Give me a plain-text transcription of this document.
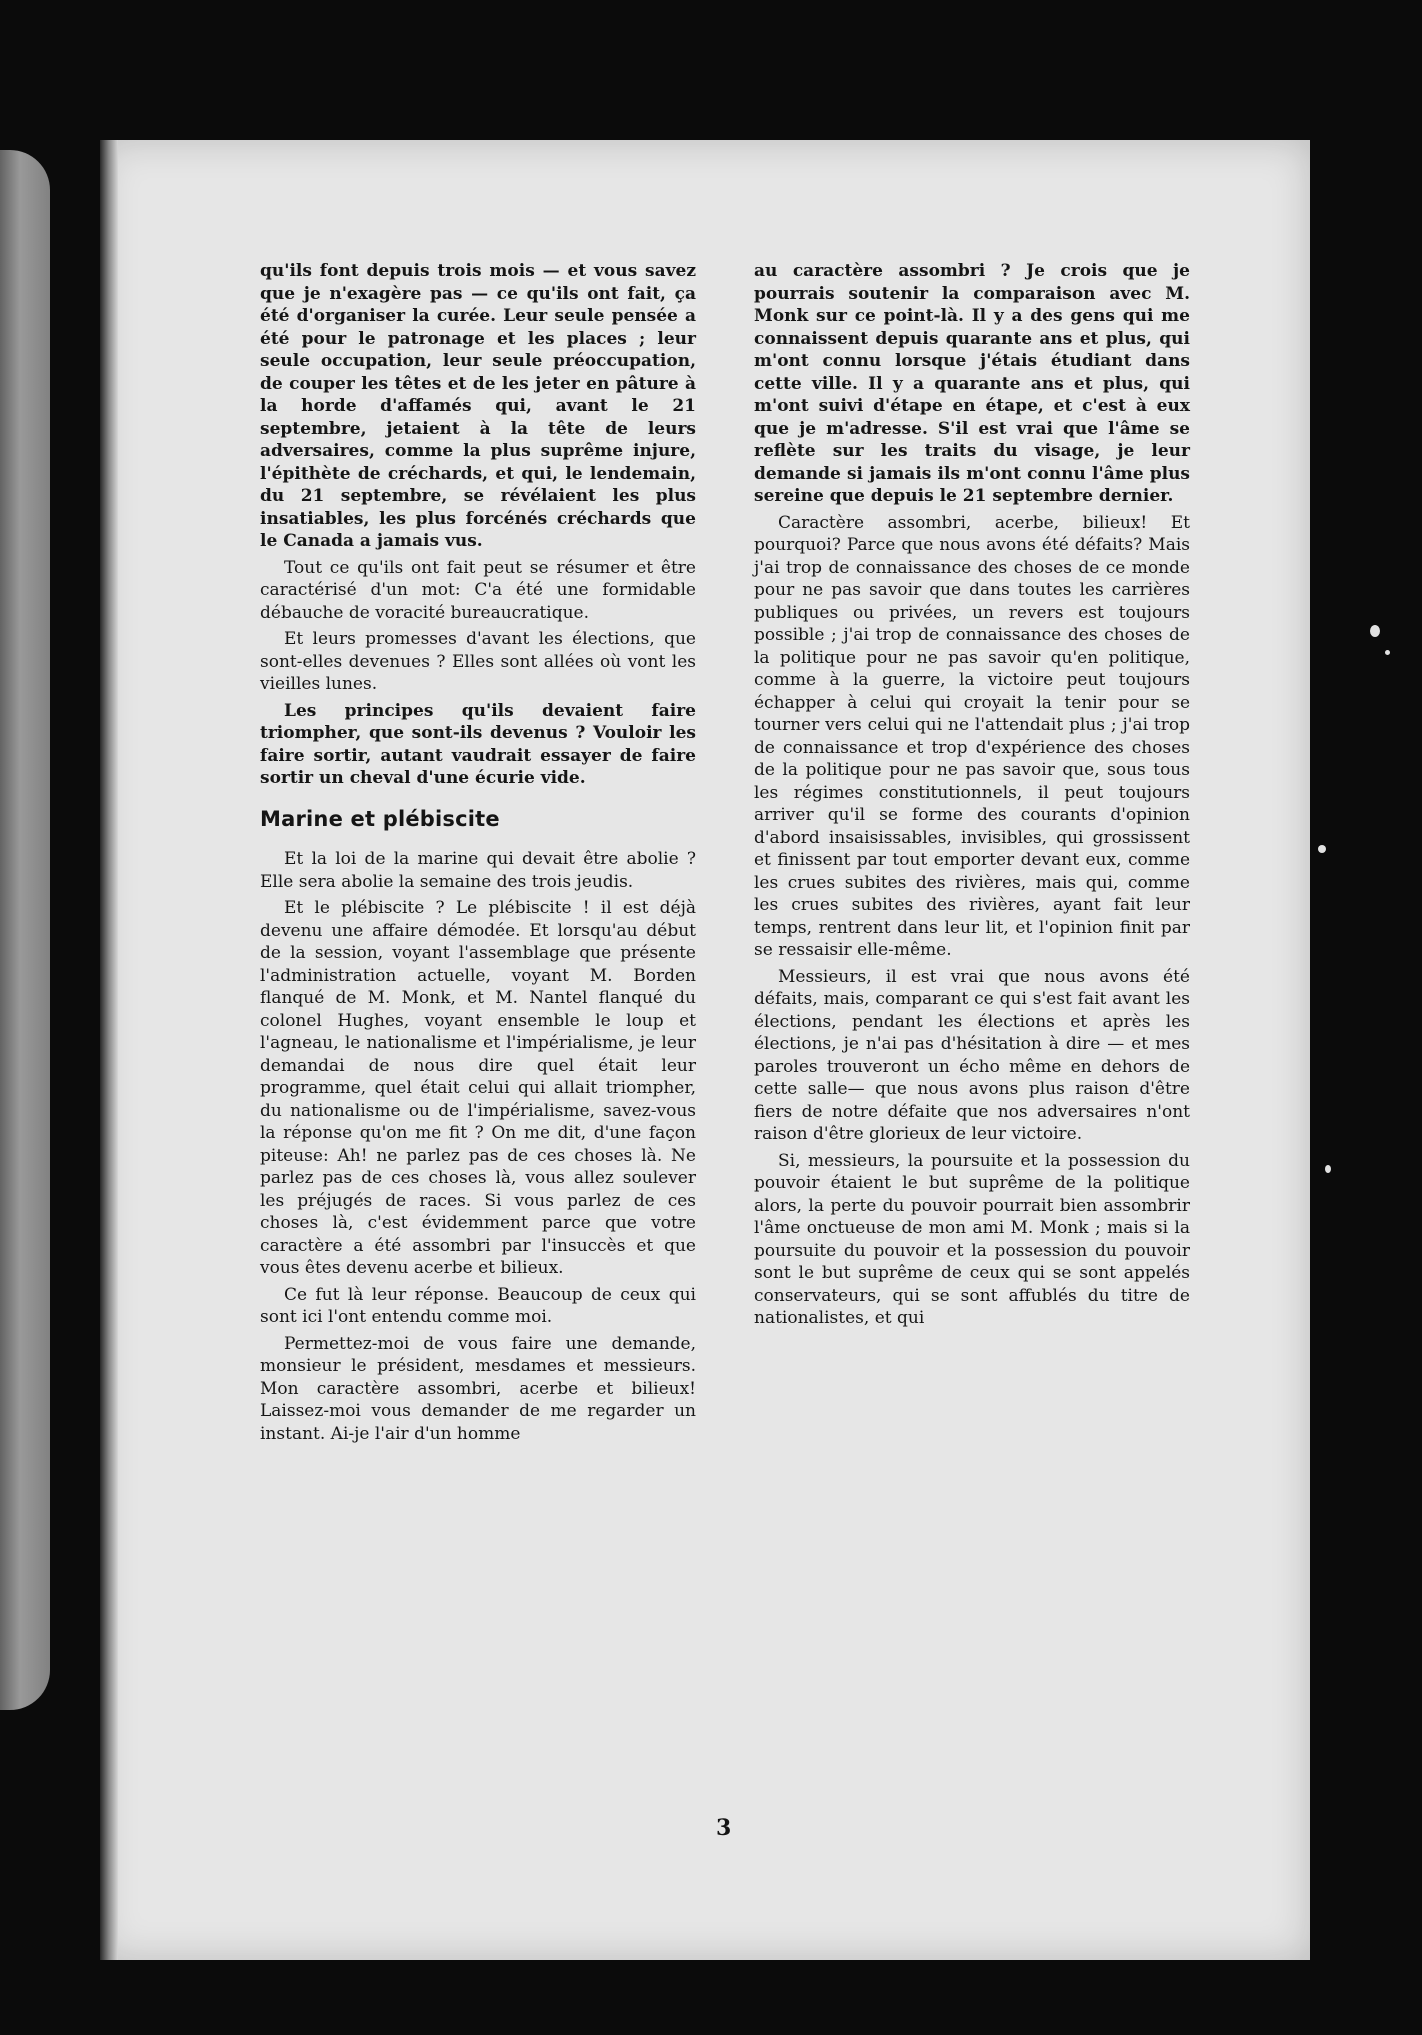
qu'ils font depuis trois mois — et vous savez que je n'exagère pas — ce qu'ils ont fait, ça été d'organiser la curée. Leur seule pensée a été pour le patronage et les places ; leur seule occupation, leur seule préoccupation, de couper les têtes et de les jeter en pâture à la horde d'affamés qui, avant le 21 septembre, jetaient à la tête de leurs adversaires, comme la plus suprême injure, l'épithète de créchards, et qui, le lendemain, du 21 septembre, se révélaient les plus insatiables, les plus forcénés créchards que le Canada a jamais vus.

Tout ce qu'ils ont fait peut se résumer et être caractérisé d'un mot: C'a été une formidable débauche de voracité bureaucratique.

Et leurs promesses d'avant les élections, que sont-elles devenues ? Elles sont allées où vont les vieilles lunes.

Les principes qu'ils devaient faire triompher, que sont-ils devenus ? Vouloir les faire sortir, autant vaudrait essayer de faire sortir un cheval d'une écurie vide.

Marine et plébiscite

Et la loi de la marine qui devait être abolie ? Elle sera abolie la semaine des trois jeudis.

Et le plébiscite ? Le plébiscite ! il est déjà devenu une affaire démodée. Et lorsqu'au début de la session, voyant l'assemblage que présente l'administration actuelle, voyant M. Borden flanqué de M. Monk, et M. Nantel flanqué du colonel Hughes, voyant ensemble le loup et l'agneau, le nationalisme et l'impérialisme, je leur demandai de nous dire quel était leur programme, quel était celui qui allait triompher, du nationalisme ou de l'impérialisme, savez-vous la réponse qu'on me fit ? On me dit, d'une façon piteuse: Ah! ne parlez pas de ces choses là. Ne parlez pas de ces choses là, vous allez soulever les préjugés de races. Si vous parlez de ces choses là, c'est évidemment parce que votre caractère a été assombri par l'insuccès et que vous êtes devenu acerbe et bilieux.

Ce fut là leur réponse. Beaucoup de ceux qui sont ici l'ont entendu comme moi.

Permettez-moi de vous faire une demande, monsieur le président, mesdames et messieurs. Mon caractère assombri, acerbe et bilieux! Laissez-moi vous demander de me regarder un instant. Ai-je l'air d'un homme

au caractère assombri ? Je crois que je pourrais soutenir la comparaison avec M. Monk sur ce point-là. Il y a des gens qui me connaissent depuis quarante ans et plus, qui m'ont connu lorsque j'étais étudiant dans cette ville. Il y a quarante ans et plus, qui m'ont suivi d'étape en étape, et c'est à eux que je m'adresse. S'il est vrai que l'âme se reflète sur les traits du visage, je leur demande si jamais ils m'ont connu l'âme plus sereine que depuis le 21 septembre dernier.

Caractère assombri, acerbe, bilieux! Et pourquoi? Parce que nous avons été défaits? Mais j'ai trop de connaissance des choses de ce monde pour ne pas savoir que dans toutes les carrières publiques ou privées, un revers est toujours possible ; j'ai trop de connaissance des choses de la politique pour ne pas savoir qu'en politique, comme à la guerre, la victoire peut toujours échapper à celui qui croyait la tenir pour se tourner vers celui qui ne l'attendait plus ; j'ai trop de connaissance et trop d'expérience des choses de la politique pour ne pas savoir que, sous tous les régimes constitutionnels, il peut toujours arriver qu'il se forme des courants d'opinion d'abord insaisissables, invisibles, qui grossissent et finissent par tout emporter devant eux, comme les crues subites des rivières, mais qui, comme les crues subites des rivières, ayant fait leur temps, rentrent dans leur lit, et l'opinion finit par se ressaisir elle-même.

Messieurs, il est vrai que nous avons été défaits, mais, comparant ce qui s'est fait avant les élections, pendant les élections et après les élections, je n'ai pas d'hésitation à dire — et mes paroles trouveront un écho même en dehors de cette salle— que nous avons plus raison d'être fiers de notre défaite que nos adversaires n'ont raison d'être glorieux de leur victoire.

Si, messieurs, la poursuite et la possession du pouvoir étaient le but suprême de la politique alors, la perte du pouvoir pourrait bien assombrir l'âme onctueuse de mon ami M. Monk ; mais si la poursuite du pouvoir et la possession du pouvoir sont le but suprême de ceux qui se sont appelés conservateurs, qui se sont affublés du titre de nationalistes, et qui

3
